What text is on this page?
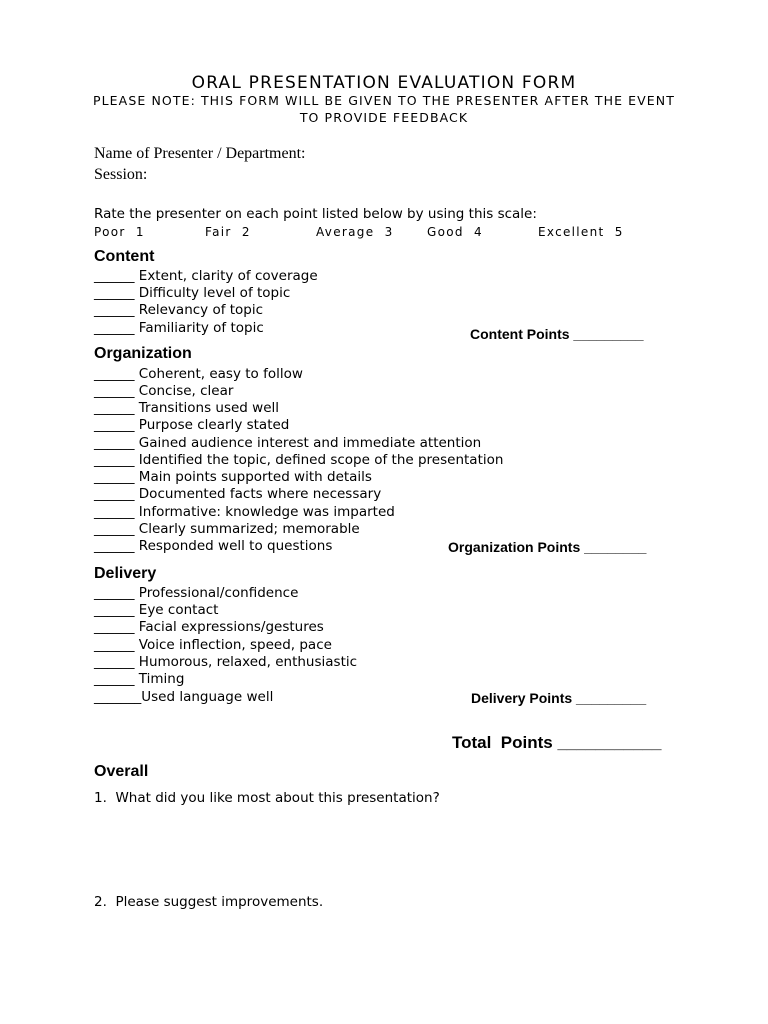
ORAL PRESENTATION EVALUATION FORM
PLEASE NOTE: THIS FORM WILL BE GIVEN TO THE PRESENTER AFTER THE EVENT
TO PROVIDE FEEDBACK
Name of Presenter / Department:
Session:
Rate the presenter on each point listed below by using this scale:
Poor  1	Fair  2	Average  3	Good  4	Excellent  5
Content
______ Extent, clarity of coverage
______ Difficulty level of topic
______ Relevancy of topic
______ Familiarity of topic	Content Points _________
Organization
______ Coherent, easy to follow
______ Concise, clear
______ Transitions used well
______ Purpose clearly stated
______ Gained audience interest and immediate attention
______ Identified the topic, defined scope of the presentation
______ Main points supported with details
______ Documented facts where necessary
______ Informative: knowledge was imparted
______ Clearly summarized; memorable
______ Responded well to questions	Organization Points ________
Delivery
______ Professional/confidence
______ Eye contact
______ Facial expressions/gestures
______ Voice inflection, speed, pace
______ Humorous, relaxed, enthusiastic
______ Timing
_______Used language well	Delivery Points _________
Total  Points ___________
Overall
1.  What did you like most about this presentation?
2.  Please suggest improvements.
